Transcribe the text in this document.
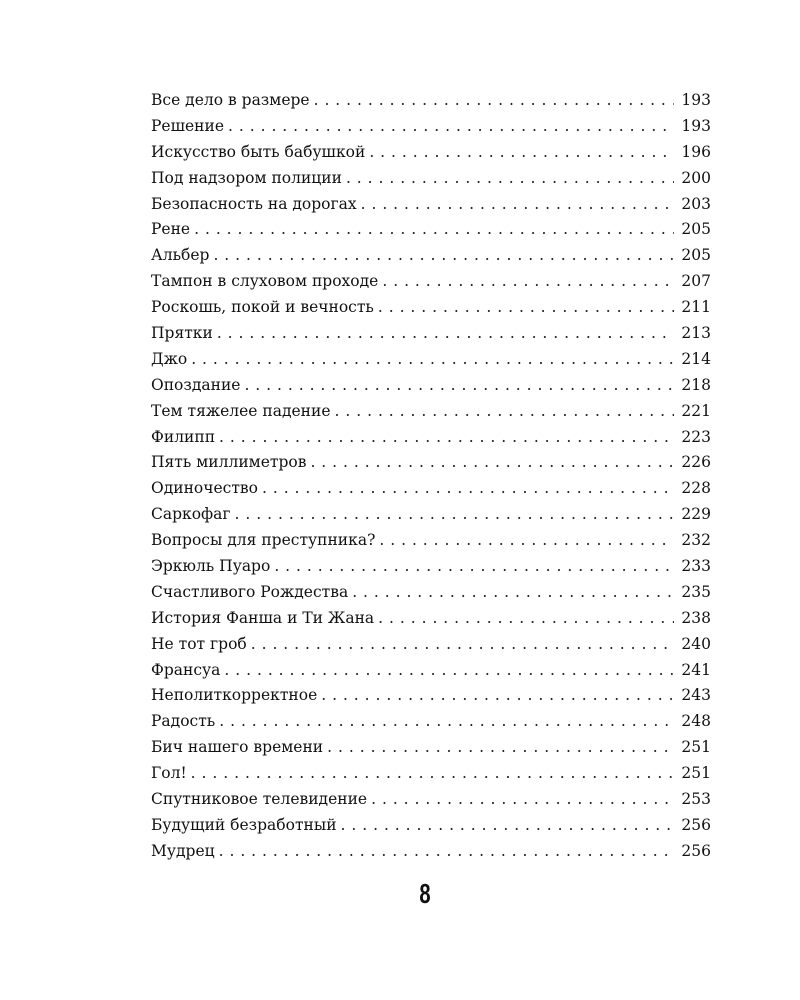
Все дело в размере . . .	193
Решение . . .	193
Искусство быть бабушкой . . .	196
Под надзором полиции . . .	200
Безопасность на дорогах . . .	203
Рене . . .	205
Альбер . . .	205
Тампон в слуховом проходе . . .	207
Роскошь, покой и вечность . . .	211
Прятки . . .	213
Джо . . .	214
Опоздание . . .	218
Тем тяжелее падение . . .	221
Филипп . . .	223
Пять миллиметров . . .	226
Одиночество . . .	228
Саркофаг . . .	229
Вопросы для преступника? . . .	232
Эркюль Пуаро . . .	233
Счастливого Рождества . . .	235
История Фанша и Ти Жана . . .	238
Не тот гроб . . .	240
Франсуа . . .	241
Неполиткорректное . . .	243
Радость . . .	248
Бич нашего времени . . .	251
Гол! . . .	251
Спутниковое телевидение . . .	253
Будущий безработный . . .	256
Мудрец . . .	256
8
